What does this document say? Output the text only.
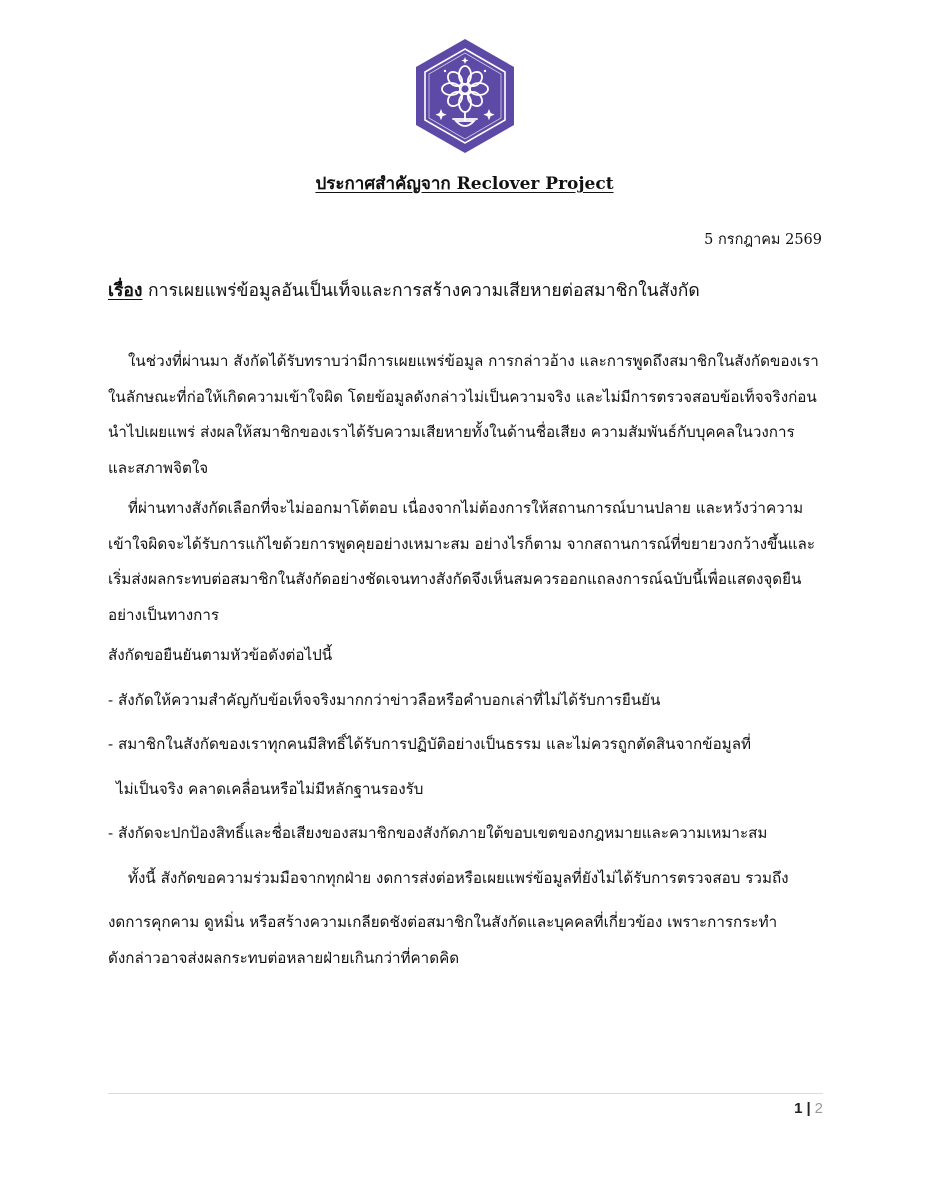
ประกาศสำคัญจาก Reclover Project
5 กรกฎาคม 2569
เรื่อง การเผยแพร่ข้อมูลอันเป็นเท็จและการสร้างความเสียหายต่อสมาชิกในสังกัด
ในช่วงที่ผ่านมา สังกัดได้รับทราบว่ามีการเผยแพร่ข้อมูล การกล่าวอ้าง และการพูดถึงสมาชิกในสังกัดของเรา
ในลักษณะที่ก่อให้เกิดความเข้าใจผิด โดยข้อมูลดังกล่าวไม่เป็นความจริง และไม่มีการตรวจสอบข้อเท็จจริงก่อน
นำไปเผยแพร่ ส่งผลให้สมาชิกของเราได้รับความเสียหายทั้งในด้านชื่อเสียง ความสัมพันธ์กับบุคคลในวงการ
และสภาพจิตใจ
ที่ผ่านทางสังกัดเลือกที่จะไม่ออกมาโต้ตอบ เนื่องจากไม่ต้องการให้สถานการณ์บานปลาย และหวังว่าความ
เข้าใจผิดจะได้รับการแก้ไขด้วยการพูดคุยอย่างเหมาะสม อย่างไรก็ตาม จากสถานการณ์ที่ขยายวงกว้างขึ้นและ
เริ่มส่งผลกระทบต่อสมาชิกในสังกัดอย่างชัดเจนทางสังกัดจึงเห็นสมควรออกแถลงการณ์ฉบับนี้เพื่อแสดงจุดยืน
อย่างเป็นทางการ
สังกัดขอยืนยันตามหัวข้อดังต่อไปนี้
- สังกัดให้ความสำคัญกับข้อเท็จจริงมากกว่าข่าวลือหรือคำบอกเล่าที่ไม่ได้รับการยืนยัน
- สมาชิกในสังกัดของเราทุกคนมีสิทธิ์ได้รับการปฏิบัติอย่างเป็นธรรม และไม่ควรถูกตัดสินจากข้อมูลที่
ไม่เป็นจริง คลาดเคลื่อนหรือไม่มีหลักฐานรองรับ
- สังกัดจะปกป้องสิทธิ์และชื่อเสียงของสมาชิกของสังกัดภายใต้ขอบเขตของกฎหมายและความเหมาะสม
ทั้งนี้ สังกัดขอความร่วมมือจากทุกฝ่าย งดการส่งต่อหรือเผยแพร่ข้อมูลที่ยังไม่ได้รับการตรวจสอบ รวมถึง
งดการคุกคาม ดูหมิ่น หรือสร้างความเกลียดชังต่อสมาชิกในสังกัดและบุคคลที่เกี่ยวข้อง เพราะการกระทำ
ดังกล่าวอาจส่งผลกระทบต่อหลายฝ่ายเกินกว่าที่คาดคิด
1 | 2
